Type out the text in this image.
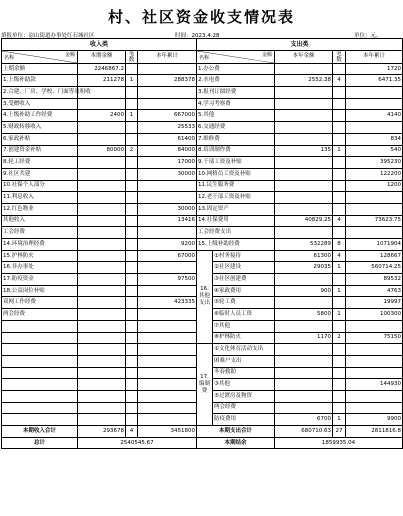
村、社区资金收支情况表
填报单位：凉山街道办事处红石城社区	时间：2023.4.28	单位：元、
收入类				支出类				

金额
名称	本期金额	笔数	本年累计	金额
名称		本年金额	笔数	本年累计
上期余额	2246867.2			1.办公费				1720
1.上级补助款	211278	1	288378	2.水电费		2552.38	4	6471.35
2.合建、厂房、学校、门面等出租收				3.报刊订阅经费				
3.受赠收入				4.学习考察费				
4.上级补助工作经费	2400	1	667000	5.其他				4140
5.财政转移收入			25533	6.交通经费				
6.家政补贴			61400	7.维修费				834
7.创建资金补贴	80000	2	84000	8.培训制作费		135	1	540
8.轮工经费			17000	9.干部工资及补贴				395230
9.社区共建			30000	10.网格员工资及补贴				122200
10.社保个人部分				11.民生服务费				1200
11.利息收入				12.老干部工资及补贴				
12.红色物业			30000	13.固定资产				
其他收入			13416	14.社保费用		40829.25	4	73623.75
工会经费				工会经费支出				
14.环境治理经费			9200	15.上级补助经费		532289	8	1071904
15.护林防火			67000	16.其他支出	①村务接待	61300	4	128667
16.非办事处					②社区建设	29035	1	560714.25
17.防疫资金			97500		③社区创建费			89532
18.公益岗位补贴					④家政费用	900	1	4763
双网工作经费			423335		⑤轮工费			19997
两会经费					⑥临时人员工资	5800	1	100300
					⑦其他			
					⑧护林防火	1170	2	75150
				17.编制费	①文化体育活动支出			
					困难户支出			
					冬春救助			
					③其他			144930
					⑤过渡房及物资			
					两会经费			
					防疫费用	6700	1	9900
本期收入合计	293678	4	3451800	本期支出合计		680710.63	27	2811816.8
总计	2540545.67			本期结余		1859935.04		
